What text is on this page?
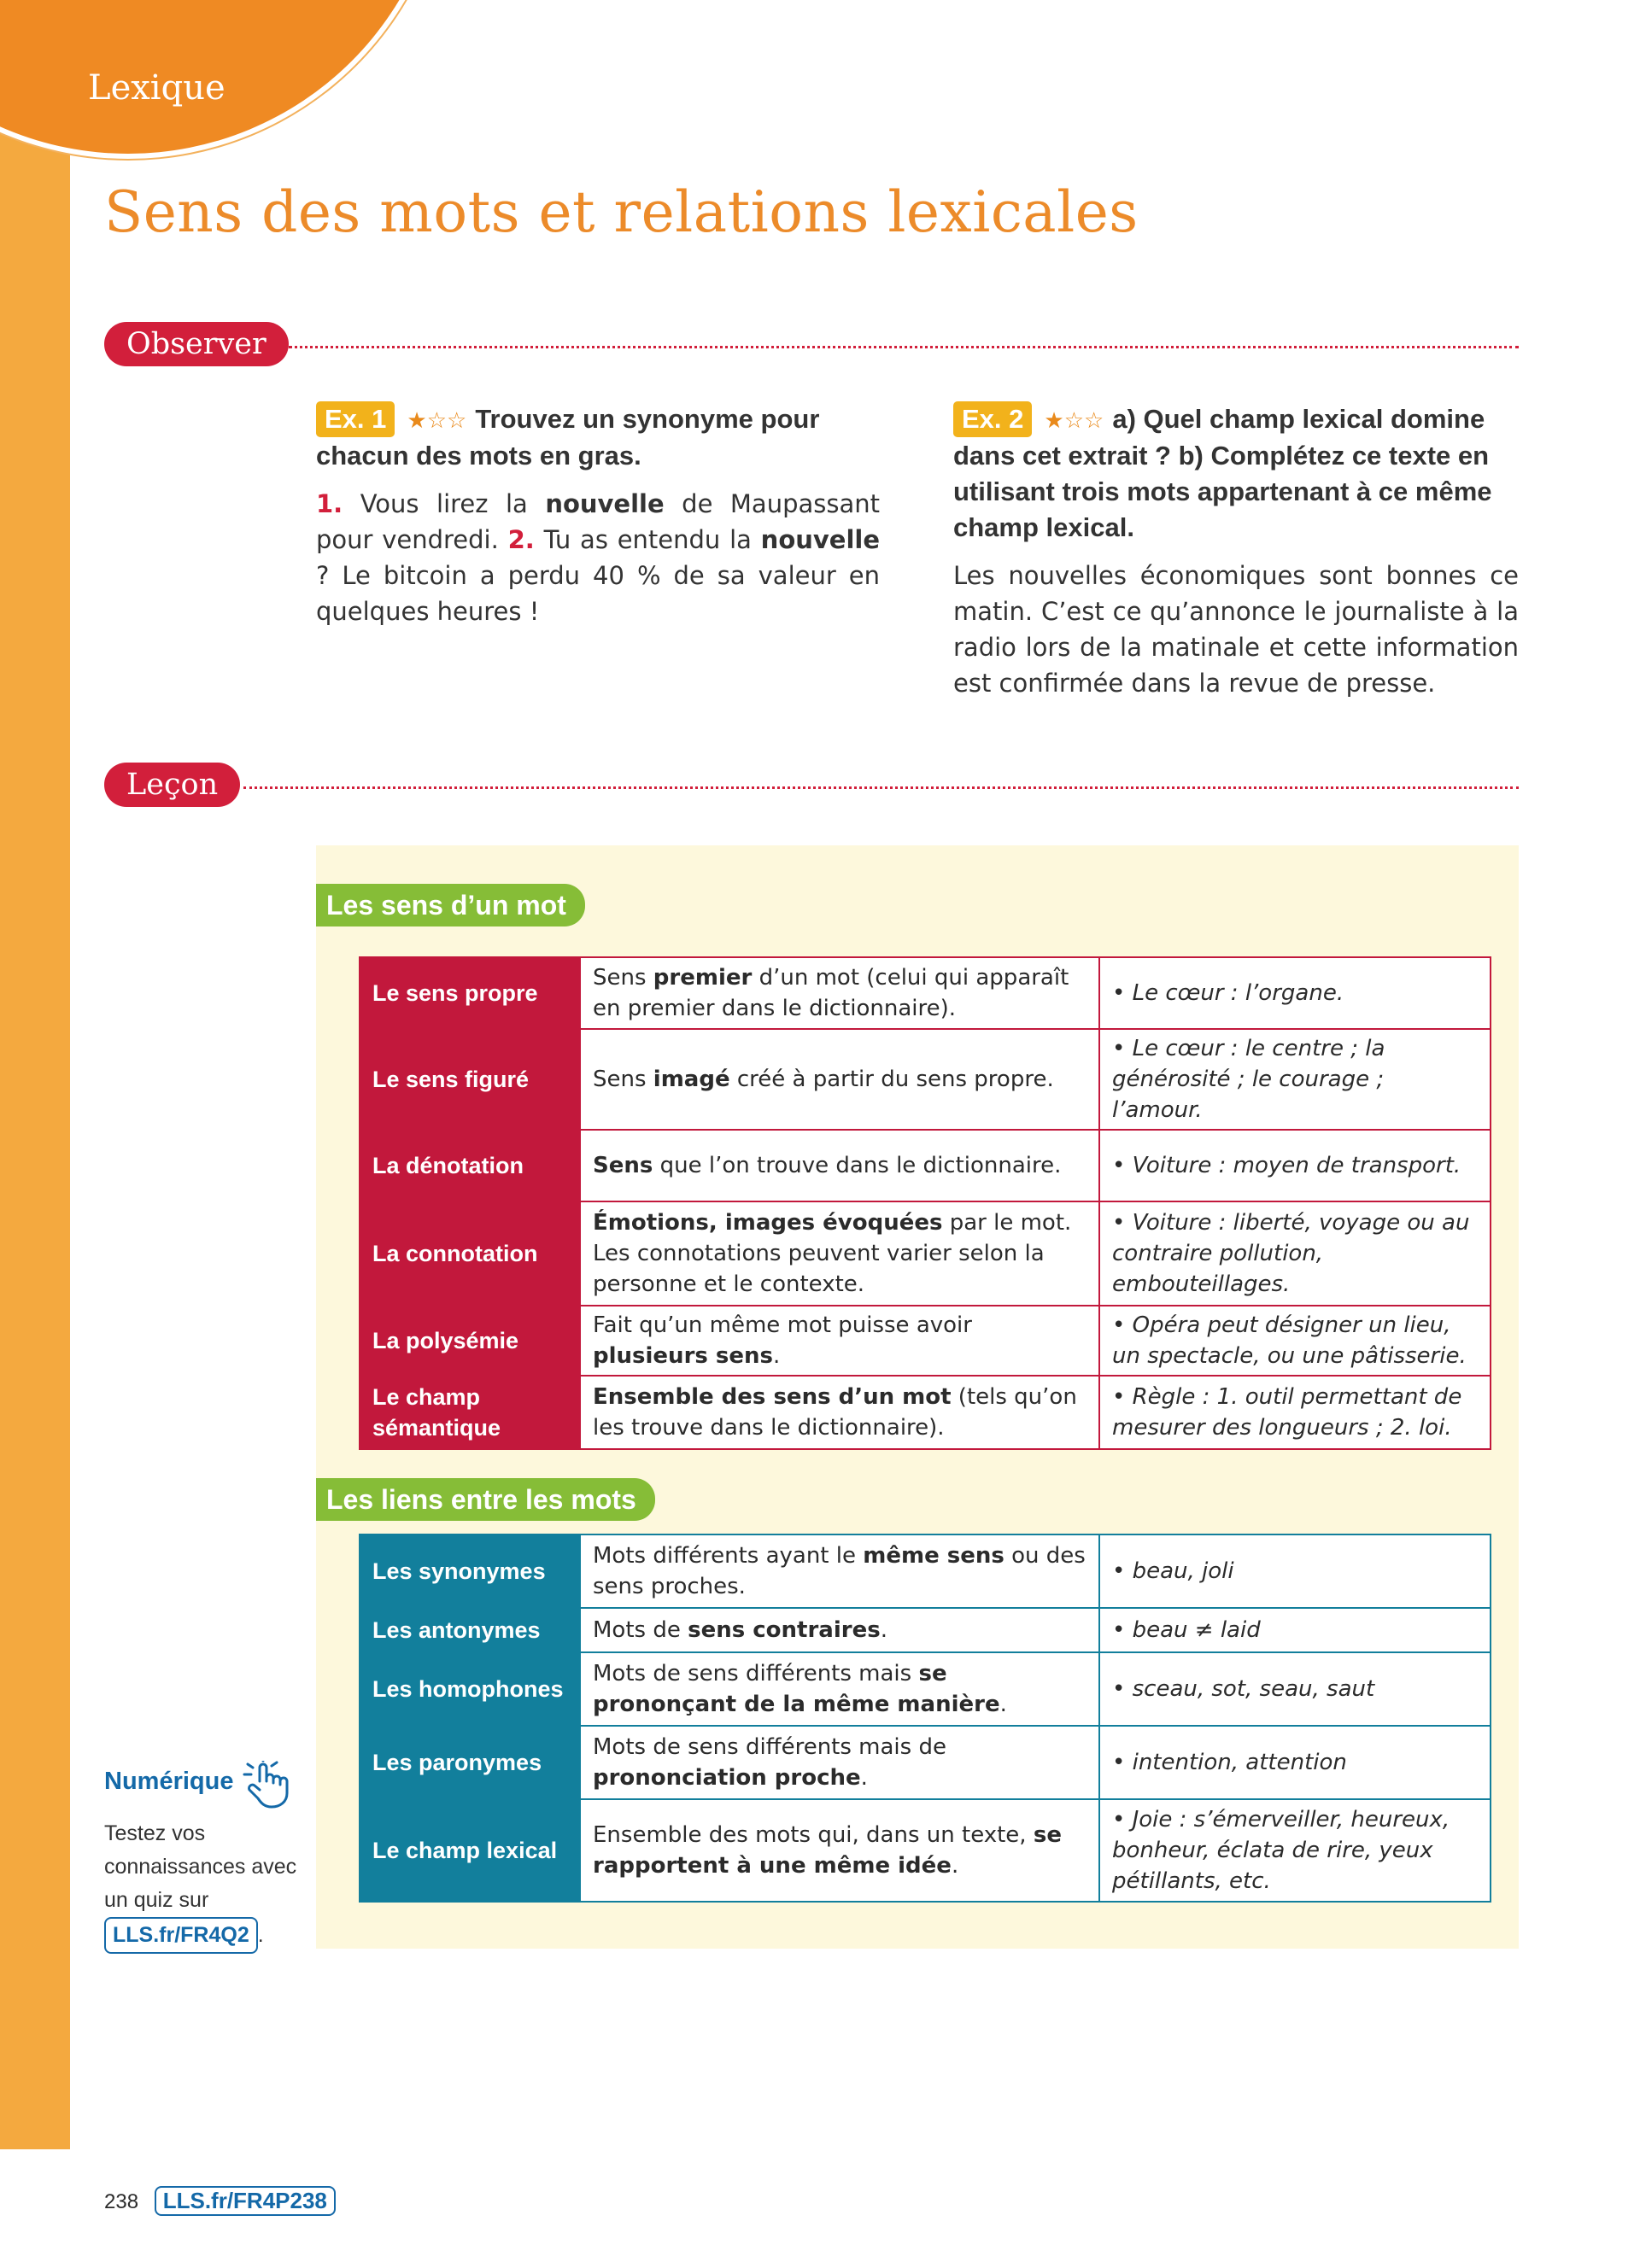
Lexique
Sens des mots et relations lexicales
Observer
Ex. 1 ★☆☆ Trouvez un synonyme pour chacun des mots en gras.

1. Vous lirez la nouvelle de Maupassant pour vendredi. 2. Tu as entendu la nouvelle ? Le bitcoin a perdu 40 % de sa valeur en quelques heures !

Ex. 2 ★☆☆ a) Quel champ lexical domine dans cet extrait ? b) Complétez ce texte en utilisant trois mots appartenant à ce même champ lexical.

Les nouvelles économiques sont bonnes ce matin. C’est ce qu’annonce le journaliste à la radio lors de la matinale et cette information est confirmée dans la revue de presse.

Leçon
Les sens d’un mot
Le sens propre	Sens premier d’un mot (celui qui apparaît en premier dans le dictionnaire).	• Le cœur : l’organe.
Le sens figuré	Sens imagé créé à partir du sens propre.	• Le cœur : le centre ; la générosité ; le courage ; l’amour.
La dénotation	Sens que l’on trouve dans le dictionnaire.	• Voiture : moyen de transport.
La connotation	Émotions, images évoquées par le mot. Les connotations peuvent varier selon la personne et le contexte.	• Voiture : liberté, voyage ou au contraire pollution, embouteillages.
La polysémie	Fait qu’un même mot puisse avoir plusieurs sens.	• Opéra peut désigner un lieu, un spectacle, ou une pâtisserie.
Le champ sémantique	Ensemble des sens d’un mot (tels qu’on les trouve dans le dictionnaire).	• Règle : 1. outil permettant de mesurer des longueurs ; 2. loi.
Les liens entre les mots
Les synonymes	Mots différents ayant le même sens ou des sens proches.	• beau, joli
Les antonymes	Mots de sens contraires.	• beau ≠ laid
Les homophones	Mots de sens différents mais se prononçant de la même manière.	• sceau, sot, seau, saut
Les paronymes	Mots de sens différents mais de prononciation proche.	• intention, attention
Le champ lexical	Ensemble des mots qui, dans un texte, se rapportent à une même idée.	• Joie : s’émerveiller, heureux, bonheur, éclata de rire, yeux pétillants, etc.
Numérique
Testez vos connaissances avec un quiz sur
LLS.fr/FR4Q2 .
238 LLS.fr/FR4P238
